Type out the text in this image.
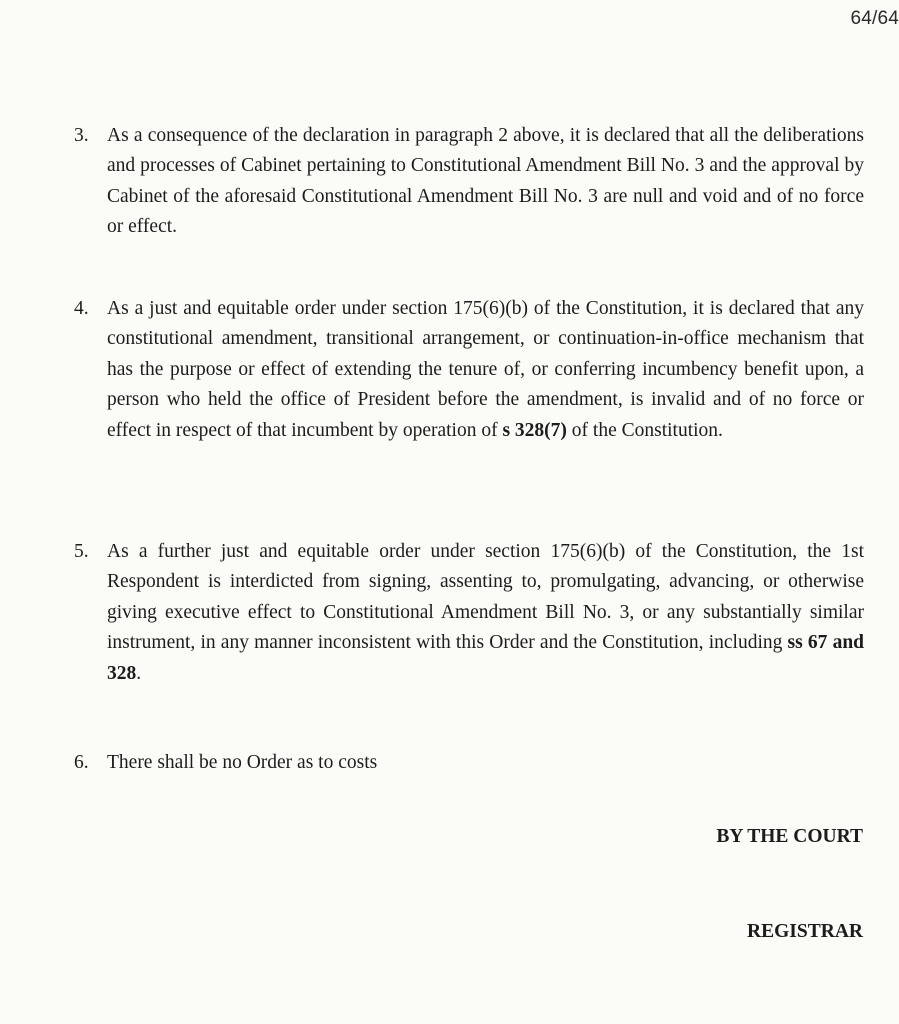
64/64
3. As a consequence of the declaration in paragraph 2 above, it is declared that all the deliberations and processes of Cabinet pertaining to Constitutional Amendment Bill No. 3 and the approval by Cabinet of the aforesaid Constitutional Amendment Bill No. 3 are null and void and of no force or effect.
4. As a just and equitable order under section 175(6)(b) of the Constitution, it is declared that any constitutional amendment, transitional arrangement, or continuation-in-office mechanism that has the purpose or effect of extending the tenure of, or conferring incumbency benefit upon, a person who held the office of President before the amendment, is invalid and of no force or effect in respect of that incumbent by operation of s 328(7) of the Constitution.
5. As a further just and equitable order under section 175(6)(b) of the Constitution, the 1st Respondent is interdicted from signing, assenting to, promulgating, advancing, or otherwise giving executive effect to Constitutional Amendment Bill No. 3, or any substantially similar instrument, in any manner inconsistent with this Order and the Constitution, including ss 67 and 328.
6. There shall be no Order as to costs
BY THE COURT
REGISTRAR
